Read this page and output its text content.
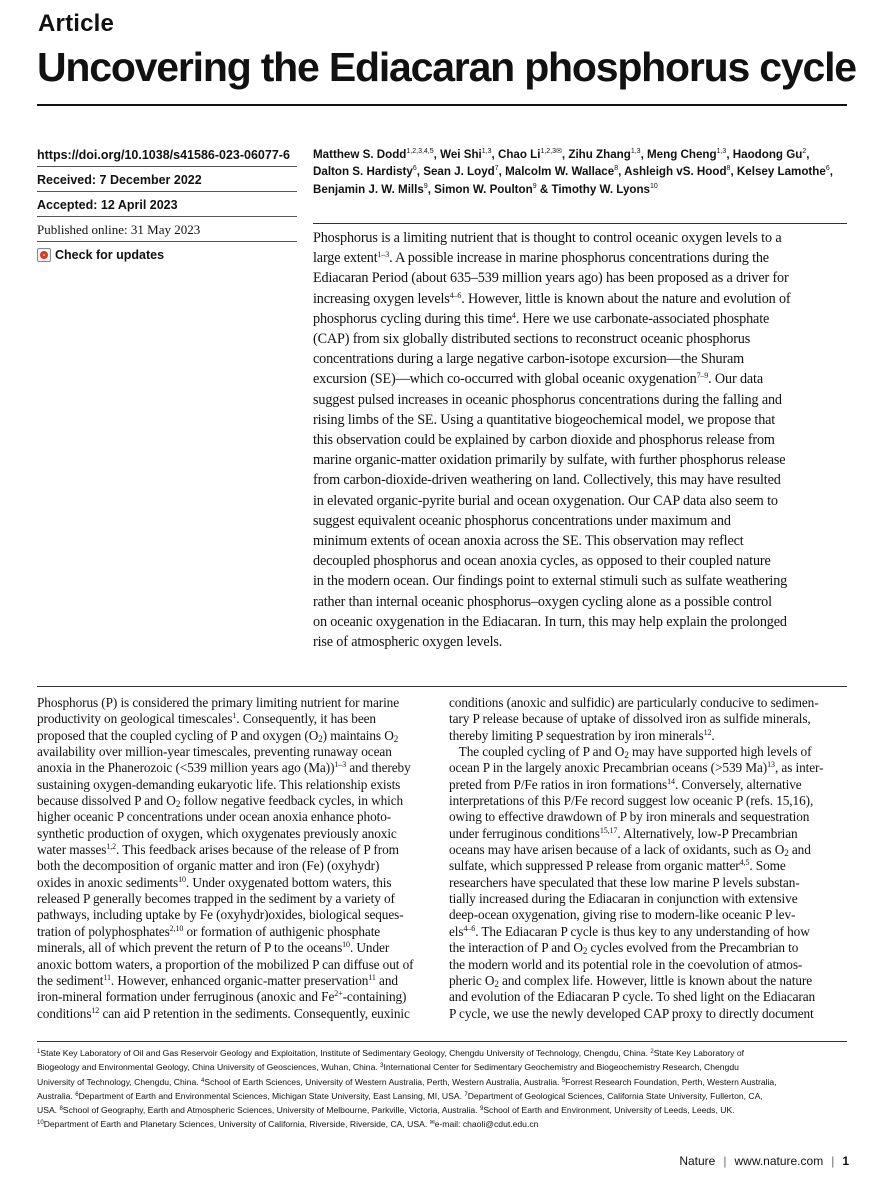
Article
Uncovering the Ediacaran phosphorus cycle
https://doi.org/10.1038/s41586-023-06077-6
Received: 7 December 2022
Accepted: 12 April 2023
Published online: 31 May 2023
Check for updates
Matthew S. Dodd$^{1,2,3,4,5}$, Wei Shi$^{1,3}$, Chao $Li^{1,2,3✉}$, Zihu Zhang$^{1,3}$, Meng Cheng$^{1,3}$, Haodong Gu$^2$, Dalton S. Hardisty$^6$, Sean J. Loyd$^7$, Malcolm W. Wallace$^8$, Ashleigh vS. Hood$^8$, Kelsey Lamothe$^6$, Benjamin J. W. Mills$^9$, Simon W. Poulton$^9$ & Timothy W. Lyons$^{10}$
Phosphorus is a limiting nutrient that is thought to control oceanic oxygen levels to a
large extent$^{1-3}$. A possible increase in marine phosphorus concentrations during the
Ediacaran Period (about 635–539 million years ago) has been proposed as a driver for
increasing oxygen levels$^{4-6}$. However, little is known about the nature and evolution of
phosphorus cycling during this time$^4$. Here we use carbonate-associated phosphate
(CAP) from six globally distributed sections to reconstruct oceanic phosphorus
concentrations during a large negative carbon-isotope excursion—the Shuram
excursion (SE)—which co-occurred with global oceanic oxygenation$^{7-9}$. Our data
suggest pulsed increases in oceanic phosphorus concentrations during the falling and
rising limbs of the SE. Using a quantitative biogeochemical model, we propose that
this observation could be explained by carbon dioxide and phosphorus release from
marine organic-matter oxidation primarily by sulfate, with further phosphorus release
from carbon-dioxide-driven weathering on land. Collectively, this may have resulted
in elevated organic-pyrite burial and ocean oxygenation. Our CAP data also seem to
suggest equivalent oceanic phosphorus concentrations under maximum and
minimum extents of ocean anoxia across the SE. This observation may reflect
decoupled phosphorus and ocean anoxia cycles, as opposed to their coupled nature
in the modern ocean. Our findings point to external stimuli such as sulfate weathering
rather than internal oceanic phosphorus–oxygen cycling alone as a possible control
on oceanic oxygenation in the Ediacaran. In turn, this may help explain the prolonged
rise of atmospheric oxygen levels.
Phosphorus (P) is considered the primary limiting nutrient for marine
productivity on geological timescales$^1$. Consequently, it has been
proposed that the coupled cycling of P and oxygen $(O_2)$ maintains $O_2$
availability over million-year timescales, preventing runaway ocean
anoxia in the Phanerozoic (<539 million years ago (Ma))$^{1-3}$ and thereby
sustaining oxygen-demanding eukaryotic life. This relationship exists
because dissolved P and $O_2$ follow negative feedback cycles, in which
higher oceanic P concentrations under ocean anoxia enhance photo-
synthetic production of oxygen, which oxygenates previously anoxic
water masses$^{1,2}$. This feedback arises because of the release of P from
both the decomposition of organic matter and iron (Fe) (oxyhydr)
oxides in anoxic sediments$^{10}$. Under oxygenated bottom waters, this
released P generally becomes trapped in the sediment by a variety of
pathways, including uptake by Fe (oxyhydr)oxides, biological seques-
tration of polyphosphates$^{2,10}$ or formation of authigenic phosphate
minerals, all of which prevent the return of P to the oceans$^{10}$. Under
anoxic bottom waters, a proportion of the mobilized P can diffuse out of
the sediment$^{11}$. However, enhanced organic-matter preservation$^{11}$ and
iron-mineral formation under ferruginous (anoxic and $Fe^{2+}-containing$)
conditions$^{12}$ can aid P retention in the sediments. Consequently, euxinic
conditions (anoxic and sulfidic) are particularly conducive to sedimen-
tary P release because of uptake of dissolved iron as sulfide minerals,
thereby limiting P sequestration by iron minerals$^{12}$.
The coupled cycling of P and $O_2$ may have supported high levels of
ocean P in the largely anoxic Precambrian oceans (>539 Ma)$^{13}$, as inter-
preted from P/Fe ratios in iron formations$^{14}$. Conversely, alternative
interpretations of this P/Fe record suggest low oceanic P (refs. 15,16),
owing to effective drawdown of P by iron minerals and sequestration
under ferruginous conditions$^{15,17}$. Alternatively, low-P Precambrian
oceans may have arisen because of a lack of oxidants, such as $O_2$ and
sulfate, which suppressed P release from organic matter$^{4,5}$. Some
researchers have speculated that these low marine P levels substan-
tially increased during the Ediacaran in conjunction with extensive
deep-ocean oxygenation, giving rise to modern-like oceanic P lev-
els$^{4-6}$. The Ediacaran P cycle is thus key to any understanding of how
the interaction of P and $O_2$ cycles evolved from the Precambrian to
the modern world and its potential role in the coevolution of atmos-
pheric $O_2$ and complex life. However, little is known about the nature
and evolution of the Ediacaran P cycle. To shed light on the Ediacaran
P cycle, we use the newly developed CAP proxy to directly document
$^1$State Key Laboratory of Oil and Gas Reservoir Geology and Exploitation, Institute of Sedimentary Geology, Chengdu University of Technology, Chengdu, China. $^2$State Key Laboratory of
Biogeology and Environmental Geology, China University of Geosciences, Wuhan, China. $^3$International Center for Sedimentary Geochemistry and Biogeochemistry Research, Chengdu
University of Technology, Chengdu, China. $^4$School of Earth Sciences, University of Western Australia, Perth, Western Australia, Australia. $^5$Forrest Research Foundation, Perth, Western Australia,
Australia. $^6$Department of Earth and Environmental Sciences, Michigan State University, East Lansing, MI, USA. $^7$Department of Geological Sciences, California State University, Fullerton, CA,
USA. $^8$School of Geography, Earth and Atmospheric Sciences, University of Melbourne, Parkville, Victoria, Australia. $^9$School of Earth and Environment, University of Leeds, Leeds, UK.
$^{10}$Department of Earth and Planetary Sciences, University of California, Riverside, Riverside, CA, USA. ✉e-mail: chaoli@cdut.edu.cn
Nature | www.nature.com | 1
